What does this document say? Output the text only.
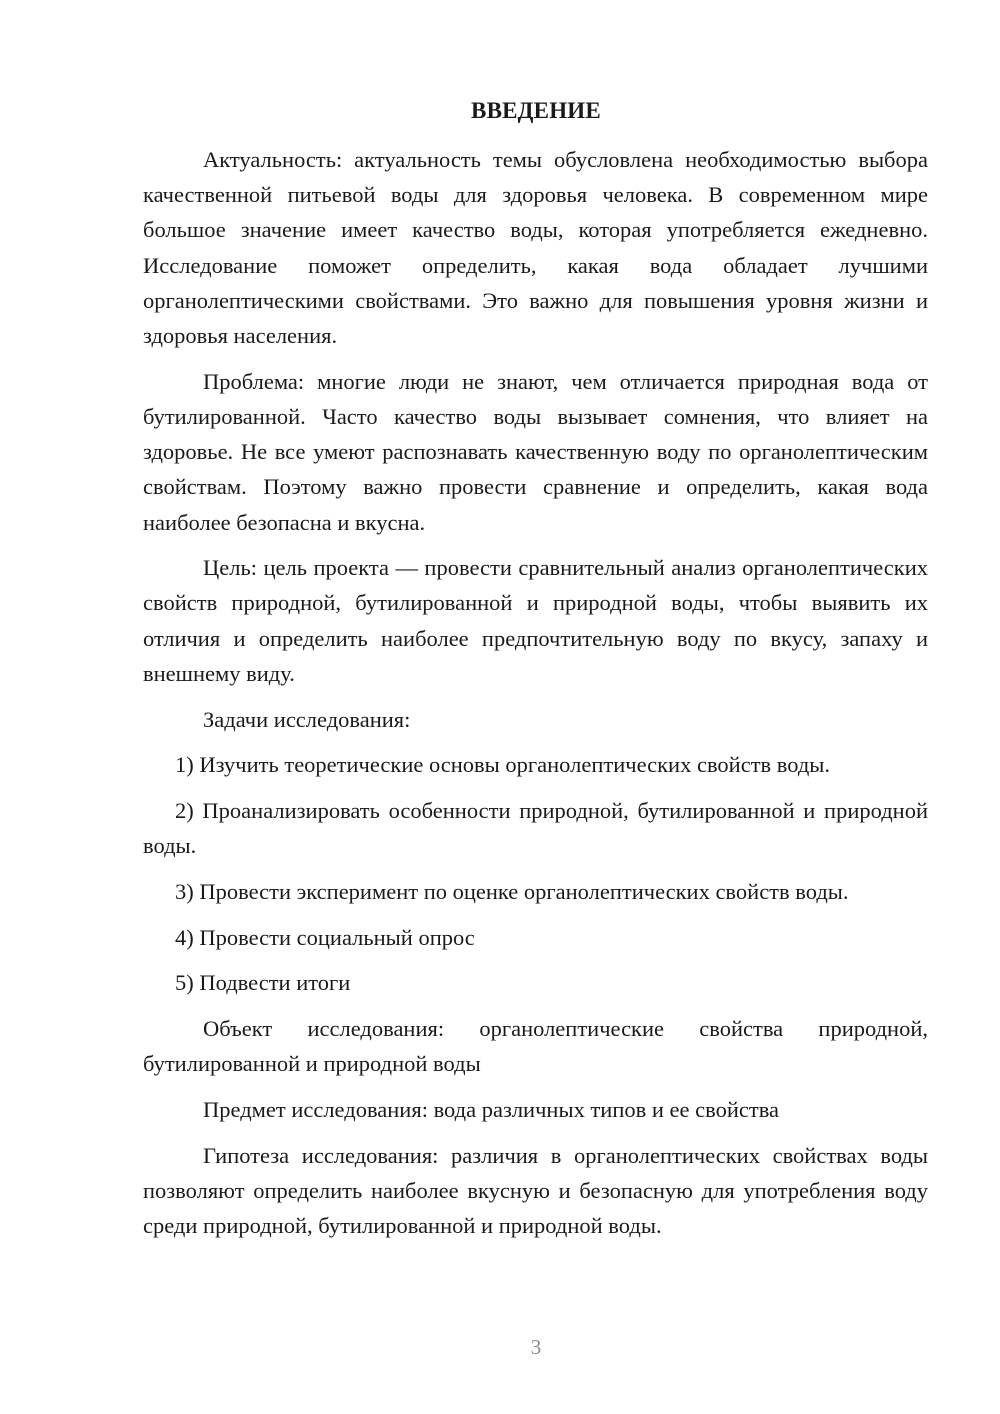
ВВЕДЕНИЕ

Актуальность: актуальность темы обусловлена необходимостью выбора качественной питьевой воды для здоровья человека. В современном мире большое значение имеет качество воды, которая употребляется ежедневно. Исследование поможет определить, какая вода обладает лучшими органолептическими свойствами. Это важно для повышения уровня жизни и здоровья населения.

Проблема: многие люди не знают, чем отличается природная вода от бутилированной. Часто качество воды вызывает сомнения, что влияет на здоровье. Не все умеют распознавать качественную воду по органолептическим свойствам. Поэтому важно провести сравнение и определить, какая вода наиболее безопасна и вкусна.

Цель: цель проекта — провести сравнительный анализ органолептических свойств природной, бутилированной и природной воды, чтобы выявить их отличия и определить наиболее предпочтительную воду по вкусу, запаху и внешнему виду.

Задачи исследования:

1) Изучить теоретические основы органолептических свойств воды.

2) Проанализировать особенности природной, бутилированной и природной воды.

3) Провести эксперимент по оценке органолептических свойств воды.

4) Провести социальный опрос

5) Подвести итоги

Объект исследования: органолептические свойства природной, бутилированной и природной воды

Предмет исследования: вода различных типов и ее свойства

Гипотеза исследования: различия в органолептических свойствах воды позволяют определить наиболее вкусную и безопасную для употребления воду среди природной, бутилированной и природной воды.

3
